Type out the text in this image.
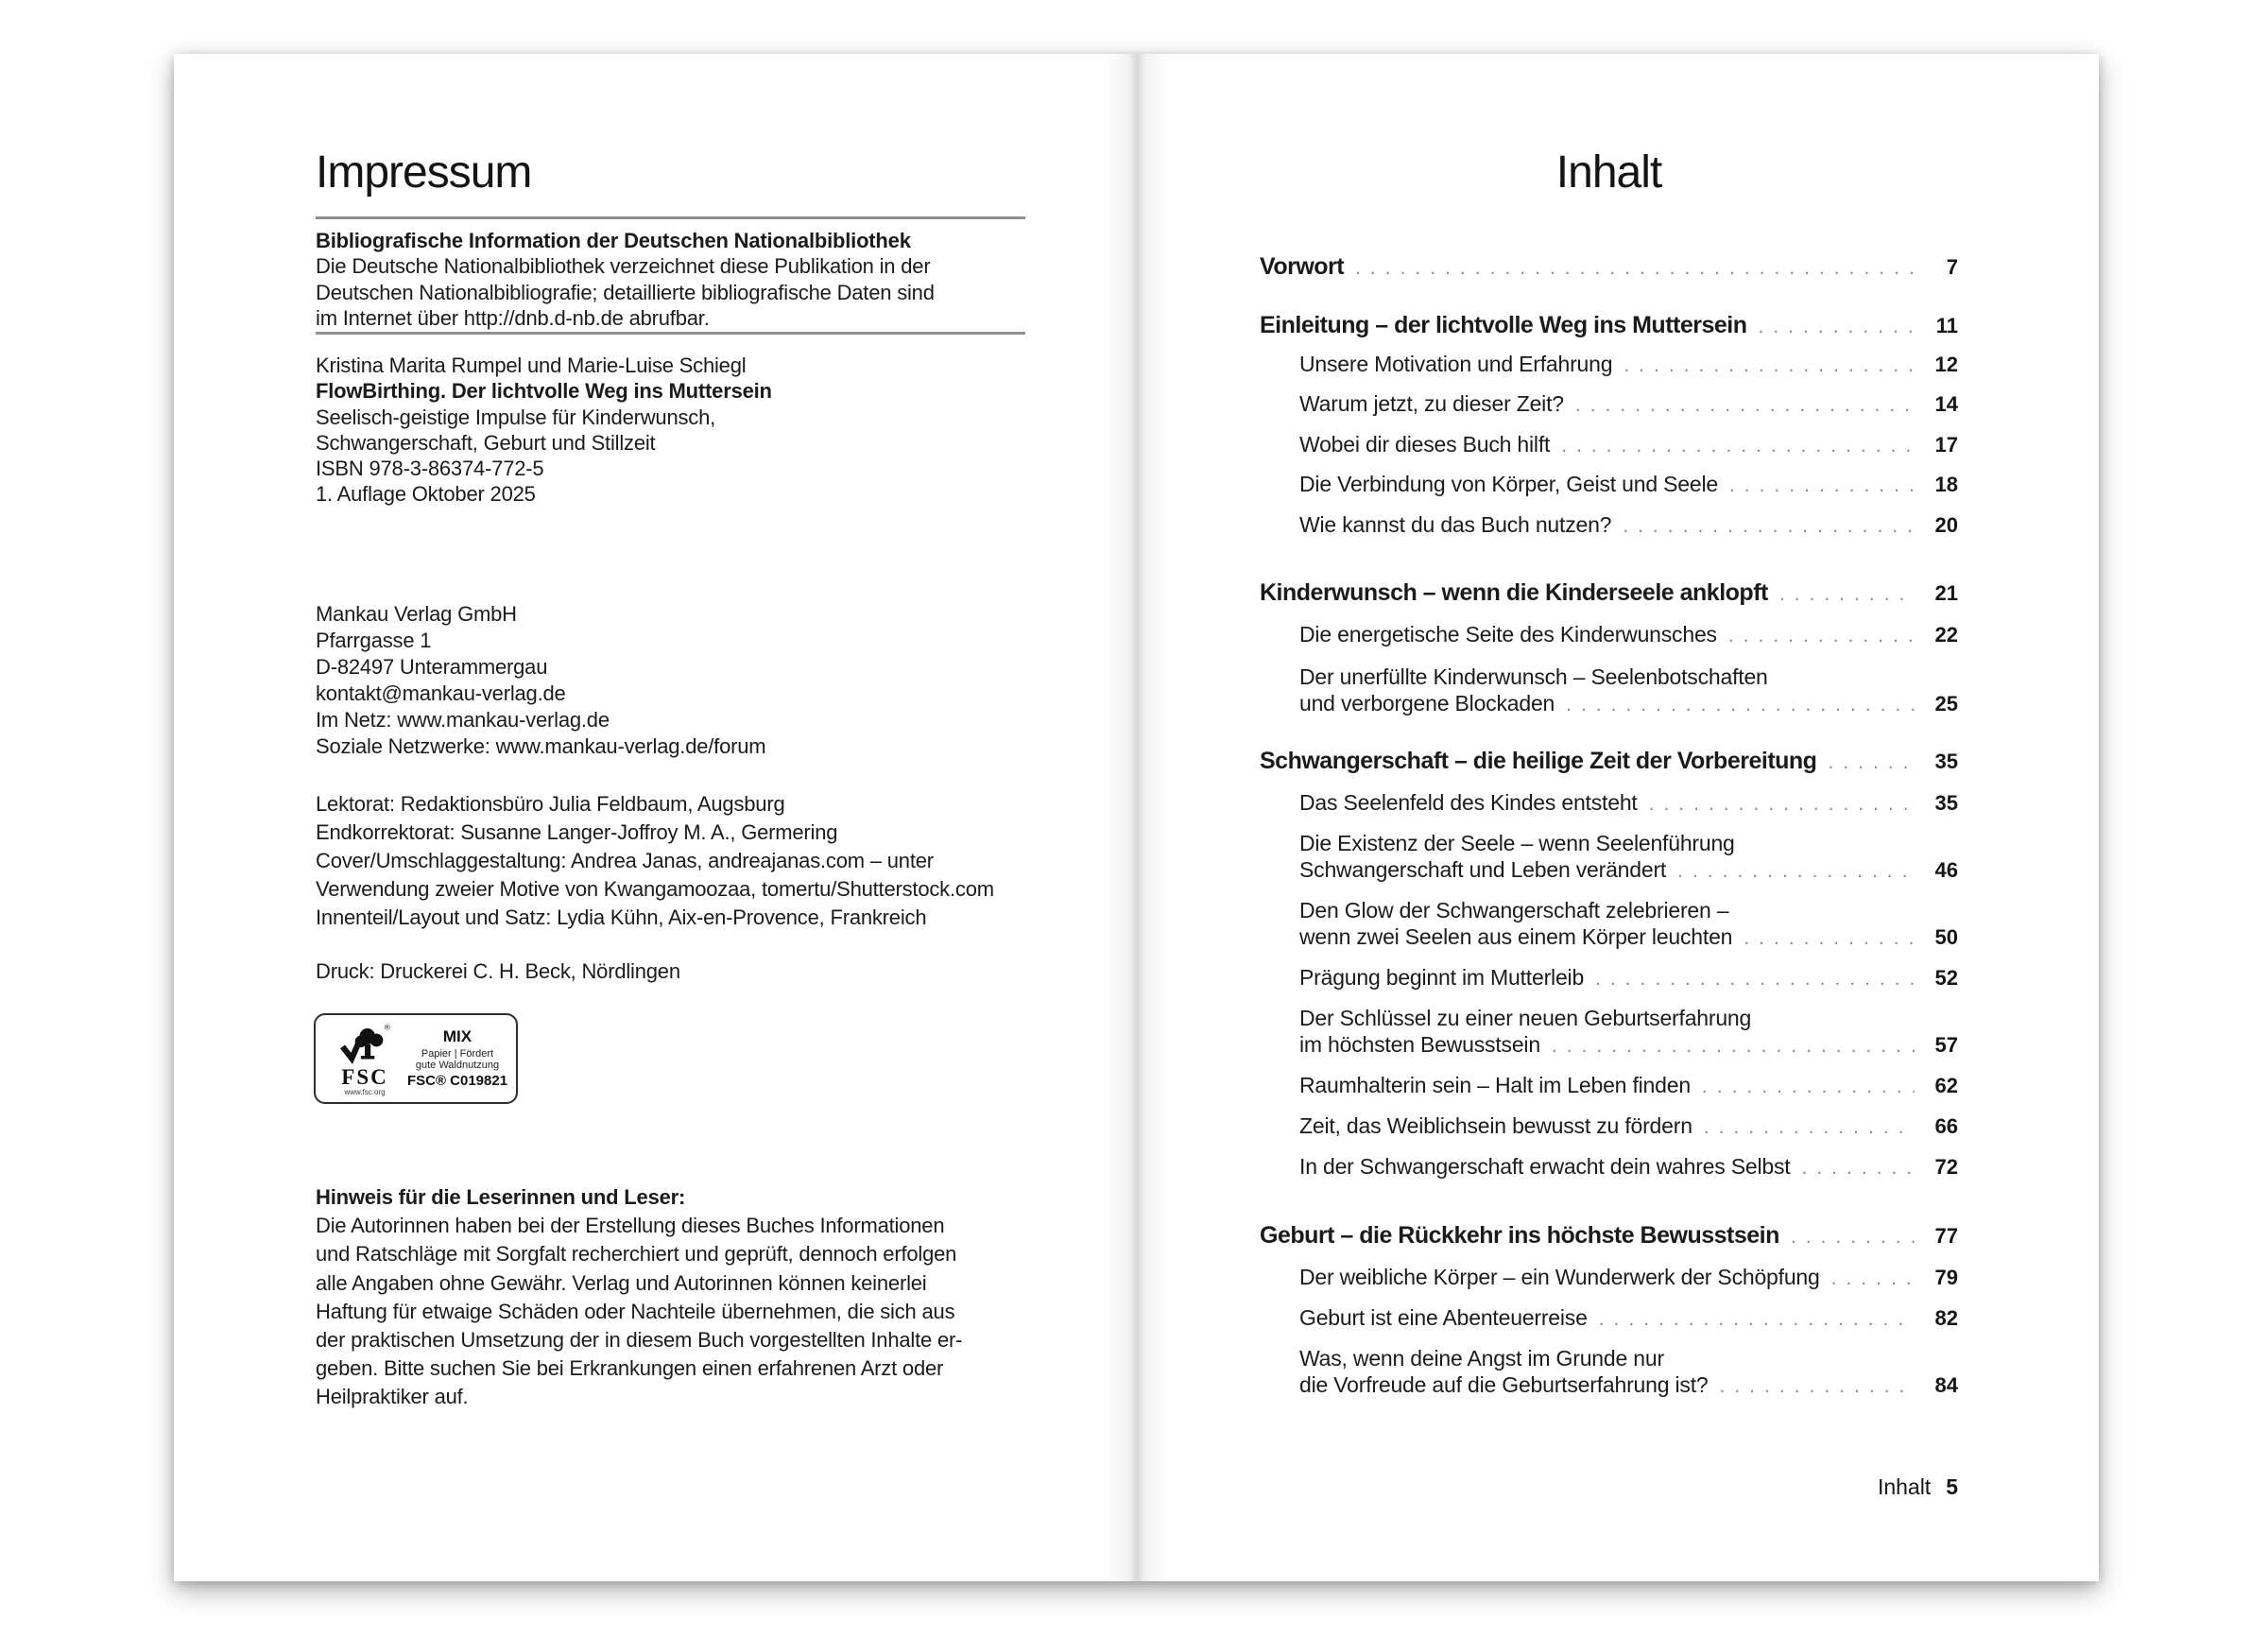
Impressum
Bibliografische Information der Deutschen Nationalbibliothek
Die Deutsche Nationalbibliothek verzeichnet diese Publikation in der
Deutschen Nationalbibliografie; detaillierte bibliografische Daten sind
im Internet über http://dnb.d-nb.de abrufbar.
Kristina Marita Rumpel und Marie-Luise Schiegl
FlowBirthing. Der lichtvolle Weg ins Muttersein
Seelisch-geistige Impulse für Kinderwunsch,
Schwangerschaft, Geburt und Stillzeit
ISBN 978-3-86374-772-5
1. Auflage Oktober 2025
Mankau Verlag GmbH
Pfarrgasse 1
D-82497 Unterammergau
kontakt@mankau-verlag.de
Im Netz: www.mankau-verlag.de
Soziale Netzwerke: www.mankau-verlag.de/forum
Lektorat: Redaktionsbüro Julia Feldbaum, Augsburg
Endkorrektorat: Susanne Langer-Joffroy M. A., Germering
Cover/Umschlaggestaltung: Andrea Janas, andreajanas.com – unter
Verwendung zweier Motive von Kwangamoozaa, tomertu/Shutterstock.com
Innenteil/Layout und Satz: Lydia Kühn, Aix-en-Provence, Frankreich
Druck: Druckerei C. H. Beck, Nördlingen
®
FSC
www.fsc.org
MIX
Papier | Fördert
gute Waldnutzung
FSC® C019821
Hinweis für die Leserinnen und Leser:
Die Autorinnen haben bei der Erstellung dieses Buches Informationen
und Ratschläge mit Sorgfalt recherchiert und geprüft, dennoch erfolgen
alle Angaben ohne Gewähr. Verlag und Autorinnen können keinerlei
Haftung für etwaige Schäden oder Nachteile übernehmen, die sich aus
der praktischen Umsetzung der in diesem Buch vorgestellten Inhalte er-
geben. Bitte suchen Sie bei Erkrankungen einen erfahrenen Arzt oder
Heilpraktiker auf.
Inhalt
Vorwort .....	7
Einleitung – der lichtvolle Weg ins Muttersein .....	11
Unsere Motivation und Erfahrung .....	12
Warum jetzt, zu dieser Zeit? .....	14
Wobei dir dieses Buch hilft .....	17
Die Verbindung von Körper, Geist und Seele .....	18
Wie kannst du das Buch nutzen? .....	20
Kinderwunsch – wenn die Kinderseele anklopft .....	21
Die energetische Seite des Kinderwunsches .....	22
Der unerfüllte Kinderwunsch – Seelenbotschaften
und verborgene Blockaden .....	25
Schwangerschaft – die heilige Zeit der Vorbereitung .....	35
Das Seelenfeld des Kindes entsteht .....	35
Die Existenz der Seele – wenn Seelenführung
Schwangerschaft und Leben verändert .....	46
Den Glow der Schwangerschaft zelebrieren –
wenn zwei Seelen aus einem Körper leuchten .....	50
Prägung beginnt im Mutterleib .....	52
Der Schlüssel zu einer neuen Geburtserfahrung
im höchsten Bewusstsein .....	57
Raumhalterin sein – Halt im Leben finden .....	62
Zeit, das Weiblichsein bewusst zu fördern .....	66
In der Schwangerschaft erwacht dein wahres Selbst .....	72
Geburt – die Rückkehr ins höchste Bewusstsein .....	77
Der weibliche Körper – ein Wunderwerk der Schöpfung .....	79
Geburt ist eine Abenteuerreise .....	82
Was, wenn deine Angst im Grunde nur
die Vorfreude auf die Geburtserfahrung ist? .....	84
Inhalt 5
